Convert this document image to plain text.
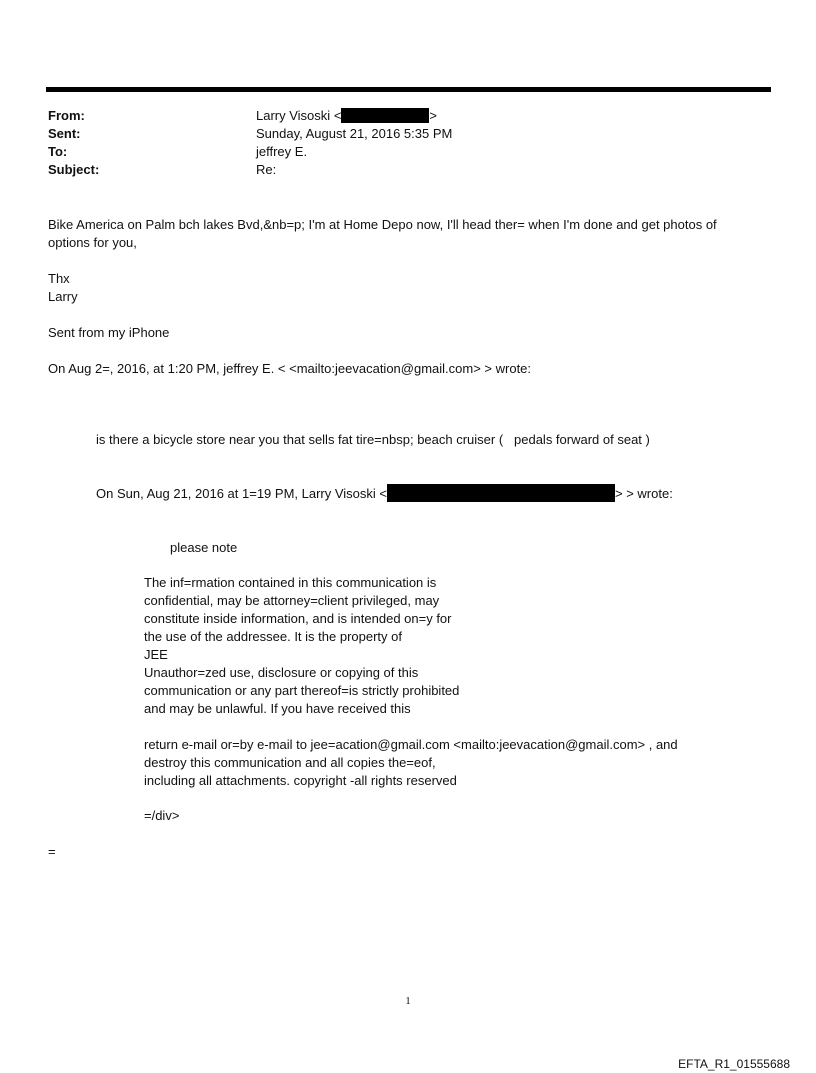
From:	Larry Visoski <	>
Sent:	Sunday, August 21, 2016 5:35 PM
To:	jeffrey E.
Subject:	Re:
Bike America on Palm bch lakes Bvd,&nb=p; I'm at Home Depo now, I'll head ther= when I'm done and get photos of
options for you,
Thx
Larry
Sent from my iPhone
On Aug 2=, 2016, at 1:20 PM, jeffrey E. < <mailto:jeevacation@gmail.com> > wrote:
is there a bicycle store near you that sells fat tire=nbsp; beach cruiser (   pedals forward of seat )
On Sun, Aug 21, 2016 at 1=19 PM, Larry Visoski <	> > wrote:
please note
The inf=rmation contained in this communication is
confidential, may be attorney=client privileged, may
constitute inside information, and is intended on=y for
the use of the addressee. It is the property of
JEE
Unauthor=zed use, disclosure or copying of this
communication or any part thereof=is strictly prohibited
and may be unlawful. If you have received this
return e-mail or=by e-mail to jee=acation@gmail.com <mailto:jeevacation@gmail.com> , and
destroy this communication and all copies the=eof,
including all attachments. copyright -all rights reserved
=/div>
=
1
EFTA_R1_01555688
